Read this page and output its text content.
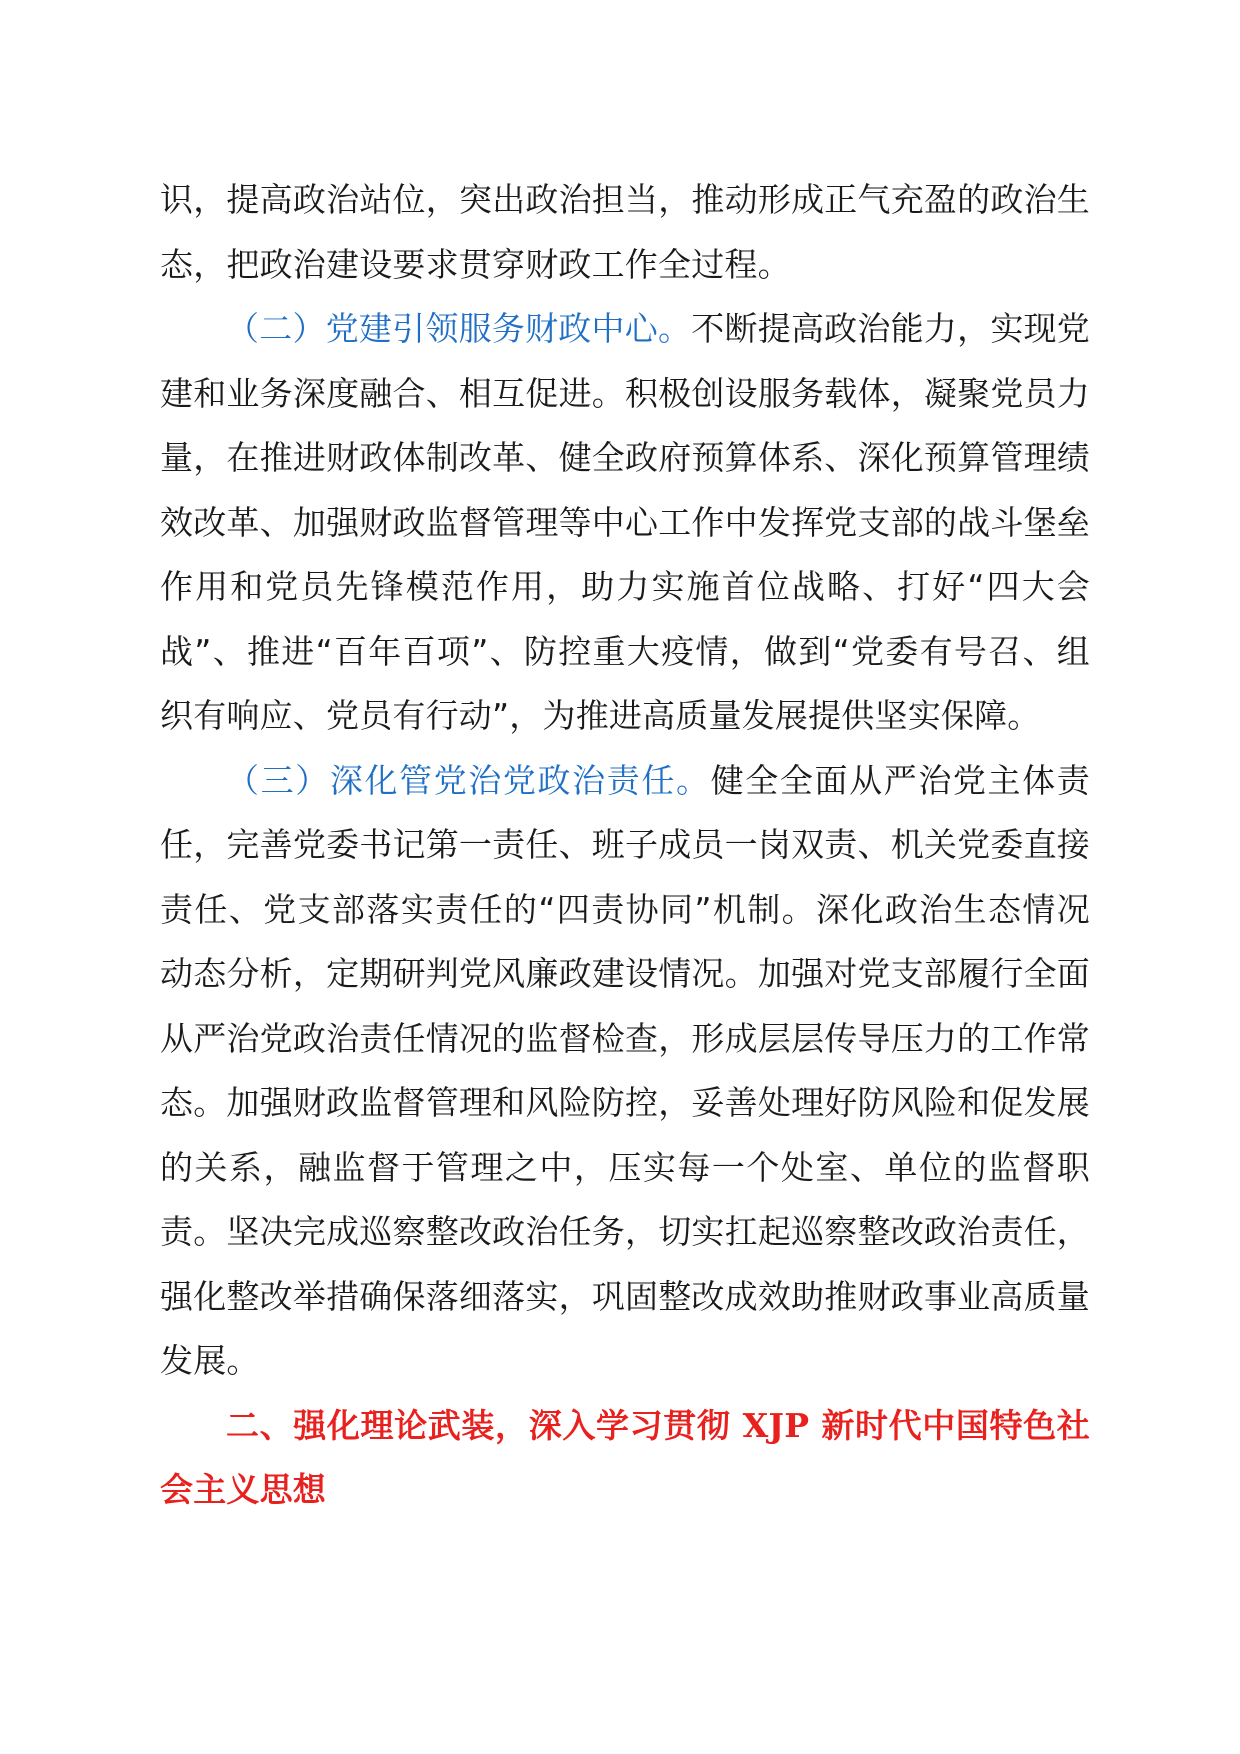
识，提高政治站位，突出政治担当，推动形成正气充盈的政治生态，把政治建设要求贯穿财政工作全过程。

（二）党建引领服务财政中心。不断提高政治能力，实现党建和业务深度融合、相互促进。积极创设服务载体，凝聚党员力量，在推进财政体制改革、健全政府预算体系、深化预算管理绩效改革、加强财政监督管理等中心工作中发挥党支部的战斗堡垒作用和党员先锋模范作用，助力实施首位战略、打好“四大会战”、推进“百年百项”、防控重大疫情，做到“党委有号召、组织有响应、党员有行动”，为推进高质量发展提供坚实保障。

（三）深化管党治党政治责任。健全全面从严治党主体责任，完善党委书记第一责任、班子成员一岗双责、机关党委直接责任、党支部落实责任的“四责协同”机制。深化政治生态情况动态分析，定期研判党风廉政建设情况。加强对党支部履行全面从严治党政治责任情况的监督检查，形成层层传导压力的工作常态。加强财政监督管理和风险防控，妥善处理好防风险和促发展的关系，融监督于管理之中，压实每一个处室、单位的监督职责。坚决完成巡察整改政治任务，切实扛起巡察整改政治责任，强化整改举措确保落细落实，巩固整改成效助推财政事业高质量发展。

二、强化理论武装，深入学习贯彻 XJP 新时代中国特色社会主义思想
